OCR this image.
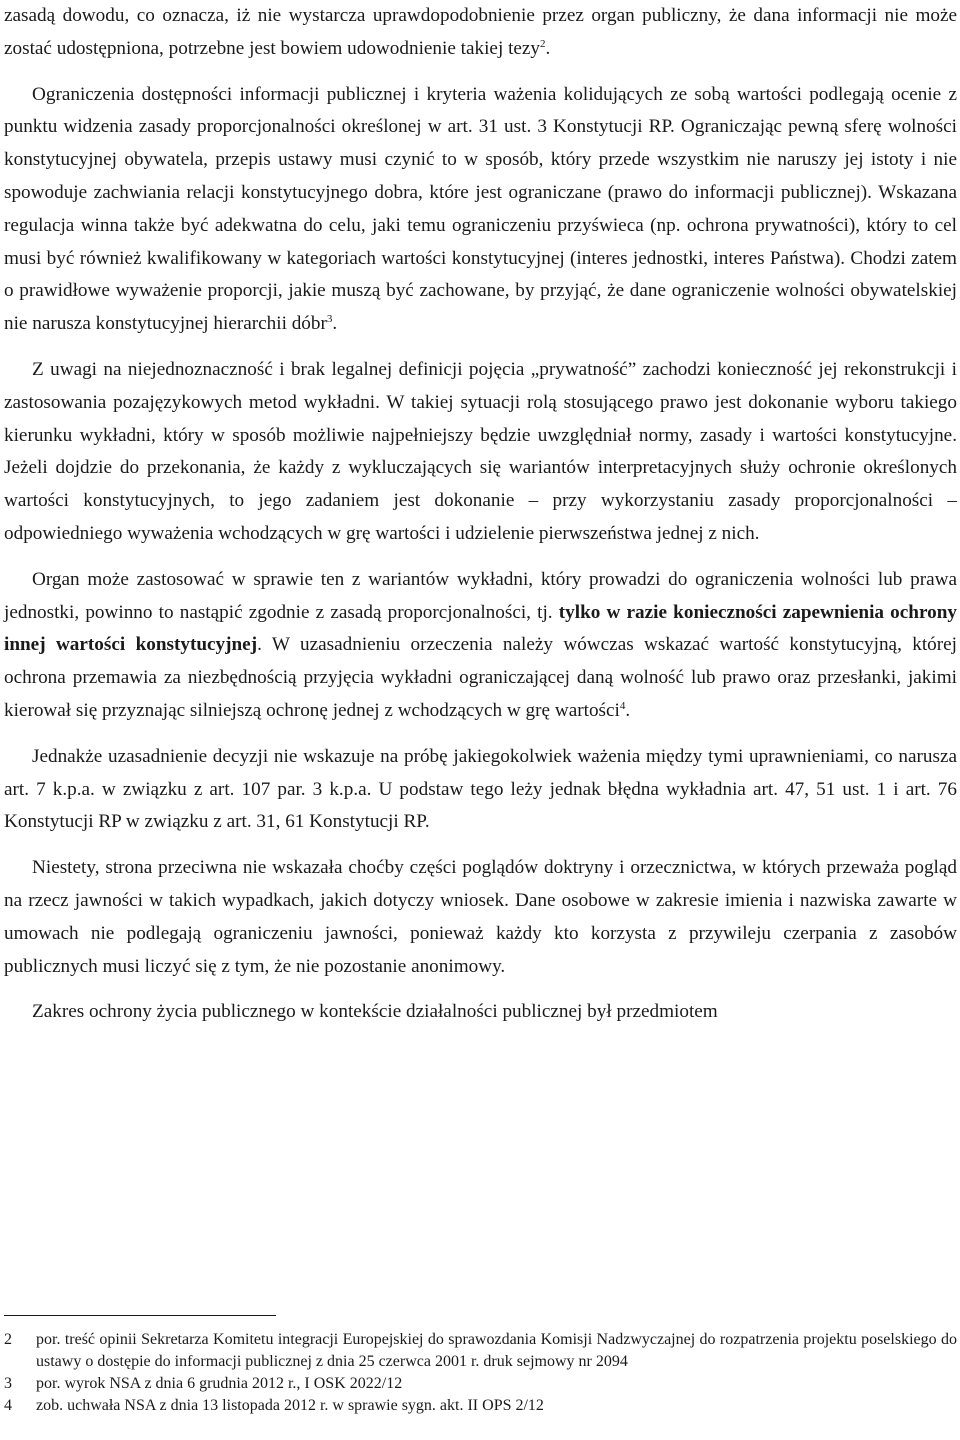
zasadą dowodu, co oznacza, iż nie wystarcza uprawdopodobnienie przez organ publiczny, że dana informacji nie może zostać udostępniona, potrzebne jest bowiem udowodnienie takiej tezy$^2$.

Ograniczenia dostępności informacji publicznej i kryteria ważenia kolidujących ze sobą wartości podlegają ocenie z punktu widzenia zasady proporcjonalności określonej w art. 31 ust. 3 Konstytucji RP. Ograniczając pewną sferę wolności konstytucyjnej obywatela, przepis ustawy musi czynić to w sposób, który przede wszystkim nie naruszy jej istoty i nie spowoduje zachwiania relacji konstytucyjnego dobra, które jest ograniczane (prawo do informacji publicznej). Wskazana regulacja winna także być adekwatna do celu, jaki temu ograniczeniu przyświeca (np. ochrona prywatności), który to cel musi być również kwalifikowany w kategoriach wartości konstytucyjnej (interes jednostki, interes Państwa). Chodzi zatem o prawidłowe wyważenie proporcji, jakie muszą być zachowane, by przyjąć, że dane ograniczenie wolności obywatelskiej nie narusza konstytucyjnej hierarchii dóbr$^3$.

Z uwagi na niejednoznaczność i brak legalnej definicji pojęcia „prywatność” zachodzi konieczność jej rekonstrukcji i zastosowania pozajęzykowych metod wykładni. W takiej sytuacji rolą stosującego prawo jest dokonanie wyboru takiego kierunku wykładni, który w sposób możliwie najpełniejszy będzie uwzględniał normy, zasady i wartości konstytucyjne. Jeżeli dojdzie do przekonania, że każdy z wykluczających się wariantów interpretacyjnych służy ochronie określonych wartości konstytucyjnych, to jego zadaniem jest dokonanie – przy wykorzystaniu zasady proporcjonalności – odpowiedniego wyważenia wchodzących w grę wartości i udzielenie pierwszeństwa jednej z nich.

Organ może zastosować w sprawie ten z wariantów wykładni, który prowadzi do ograniczenia wolności lub prawa jednostki, powinno to nastąpić zgodnie z zasadą proporcjonalności, tj. tylko w razie konieczności zapewnienia ochrony innej wartości konstytucyjnej. W uzasadnieniu orzeczenia należy wówczas wskazać wartość konstytucyjną, której ochrona przemawia za niezbędnością przyjęcia wykładni ograniczającej daną wolność lub prawo oraz przesłanki, jakimi kierował się przyznając silniejszą ochronę jednej z wchodzących w grę wartości$^4$.

Jednakże uzasadnienie decyzji nie wskazuje na próbę jakiegokolwiek ważenia między tymi uprawnieniami, co narusza art. 7 k.p.a. w związku z art. 107 par. 3 k.p.a. U podstaw tego leży jednak błędna wykładnia art. 47, 51 ust. 1 i art. 76 Konstytucji RP w związku z art. 31, 61 Konstytucji RP.

Niestety, strona przeciwna nie wskazała choćby części poglądów doktryny i orzecznictwa, w których przeważa pogląd na rzecz jawności w takich wypadkach, jakich dotyczy wniosek. Dane osobowe w zakresie imienia i nazwiska zawarte w umowach nie podlegają ograniczeniu jawności, ponieważ każdy kto korzysta z przywileju czerpania z zasobów publicznych musi liczyć się z tym, że nie pozostanie anonimowy.

Zakres ochrony życia publicznego w kontekście działalności publicznej był przedmiotem

2	por. treść opinii Sekretarza Komitetu integracji Europejskiej do sprawozdania Komisji Nadzwyczajnej do rozpatrzenia projektu poselskiego do ustawy o dostępie do informacji publicznej z dnia 25 czerwca 2001 r. druk sejmowy nr 2094
3	por. wyrok NSA z dnia 6 grudnia 2012 r., I OSK 2022/12
4	zob. uchwała NSA z dnia 13 listopada 2012 r. w sprawie sygn. akt. II OPS 2/12
